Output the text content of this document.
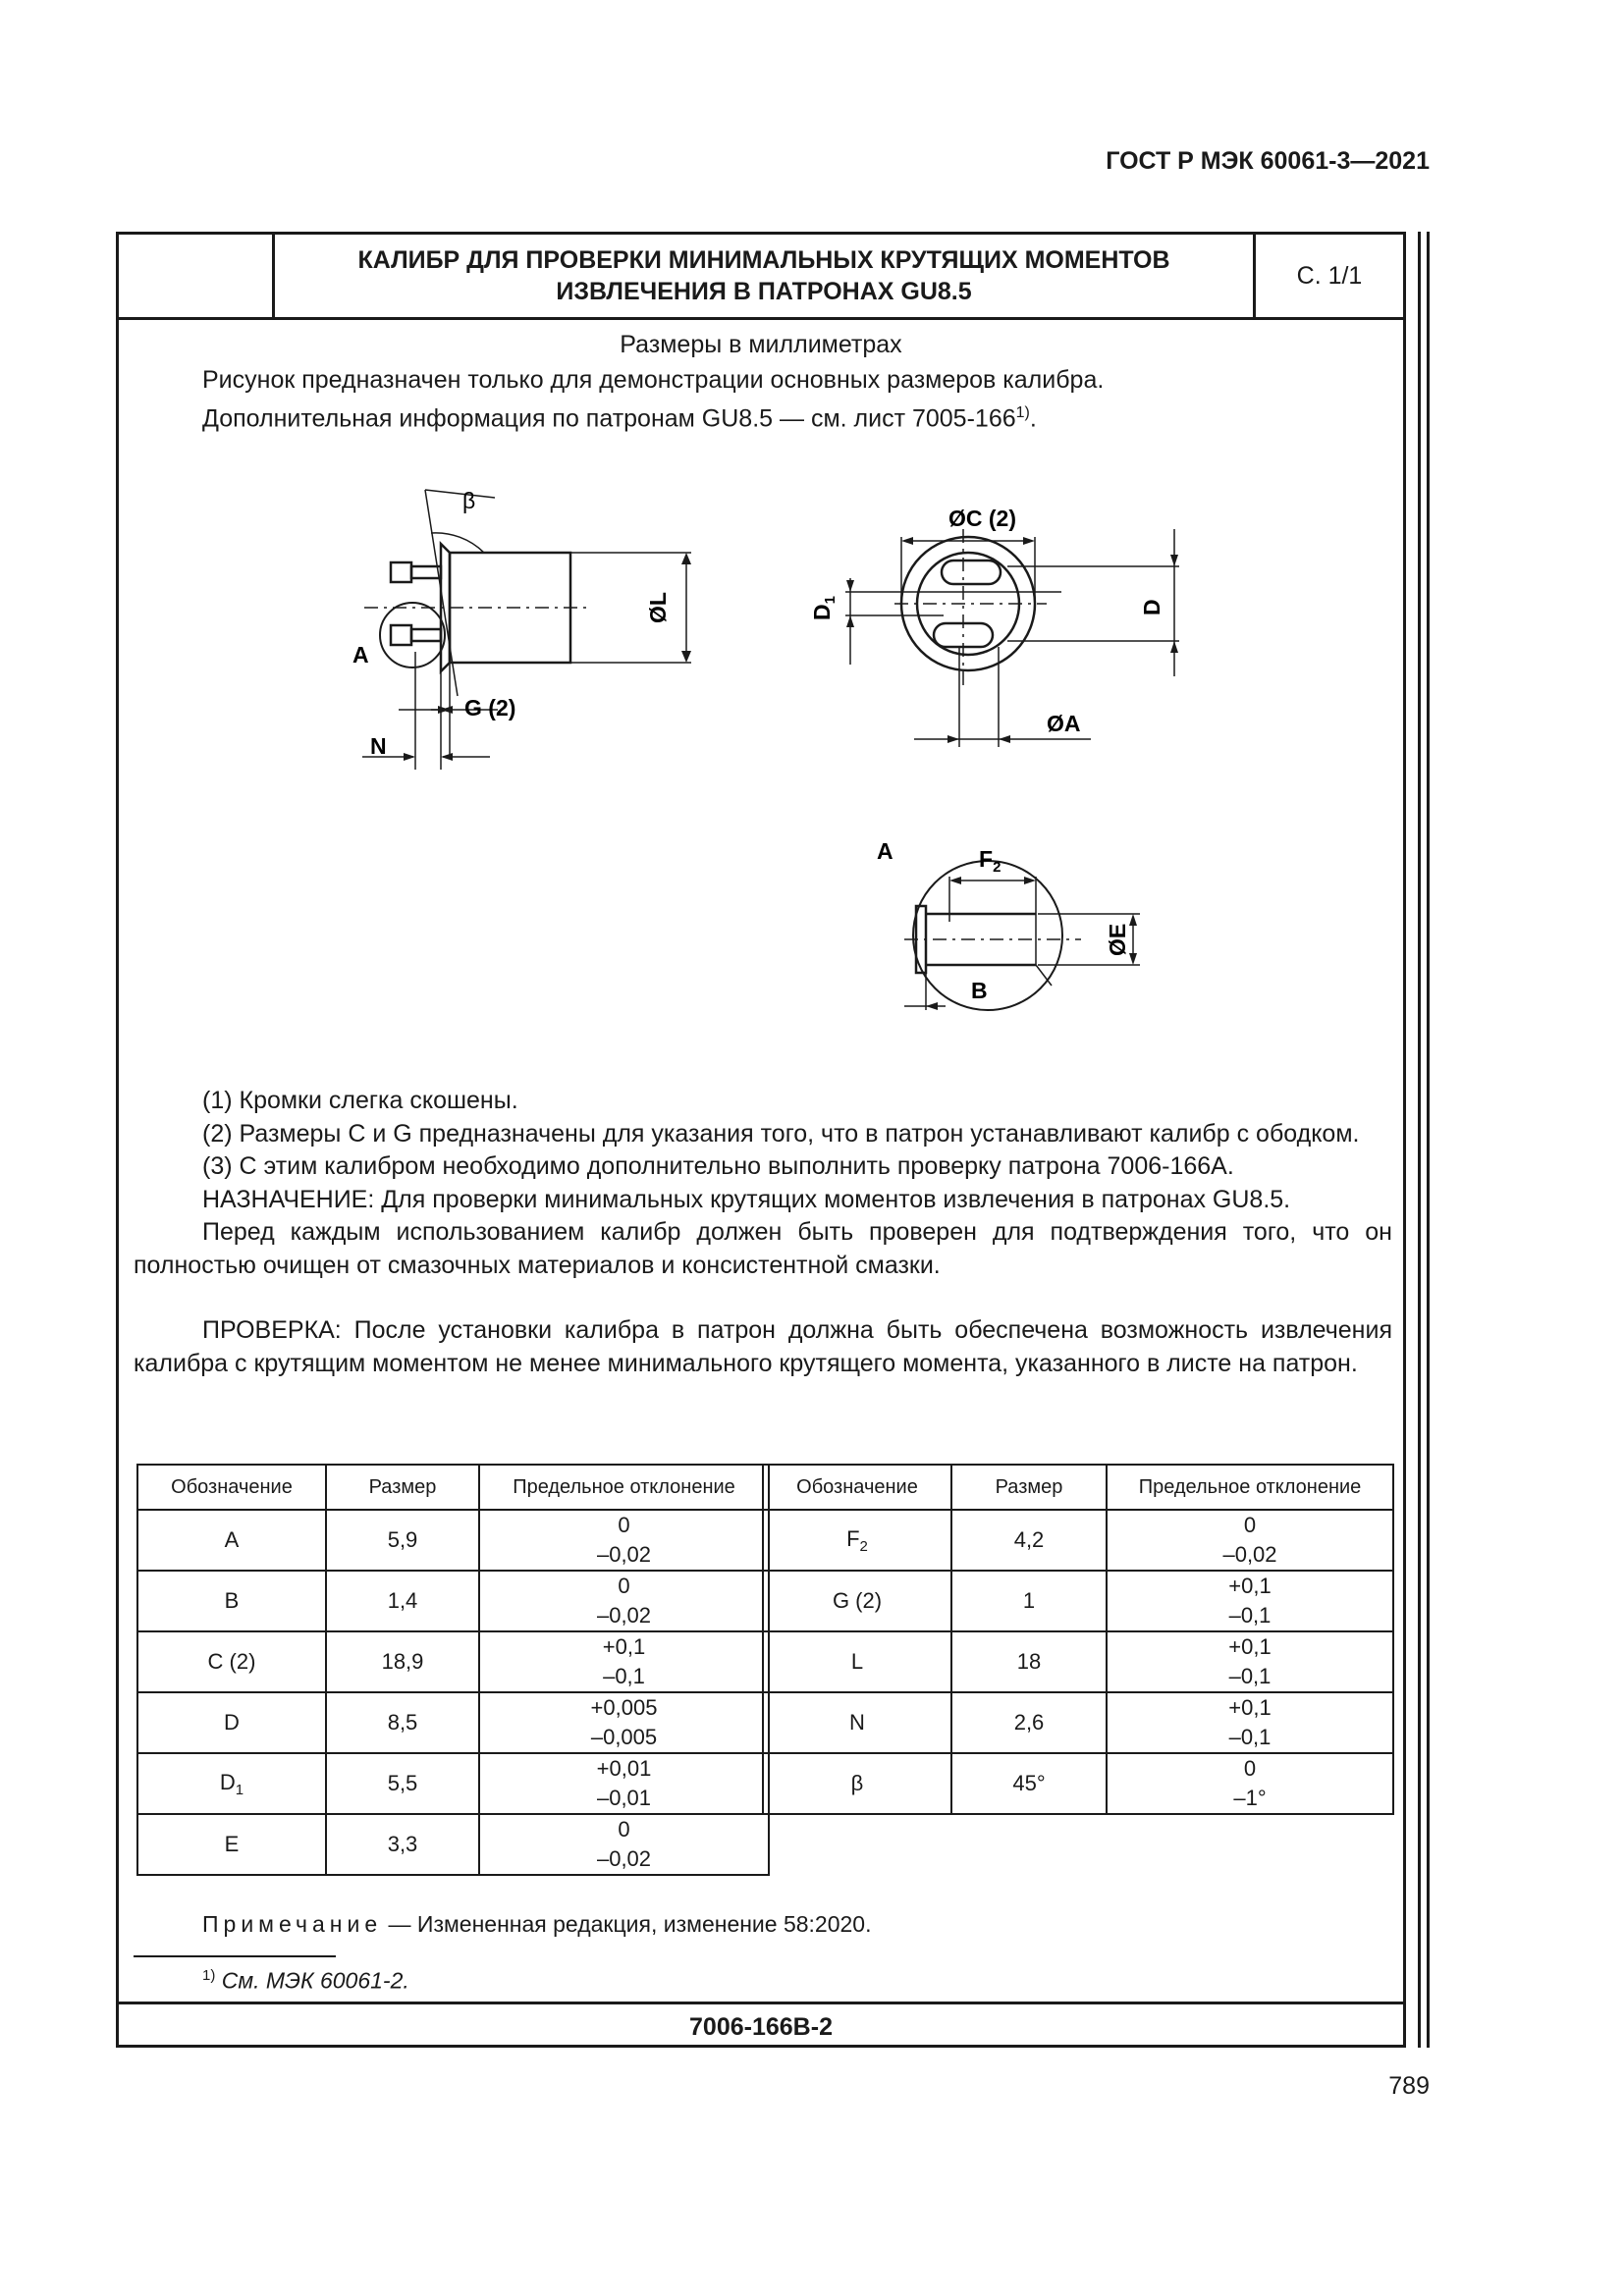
ГОСТ Р МЭК 60061-3—2021
КАЛИБР ДЛЯ ПРОВЕРКИ МИНИМАЛЬНЫХ КРУТЯЩИХ МОМЕНТОВ
ИЗВЛЕЧЕНИЯ В ПАТРОНАХ GU8.5
С. 1/1
Размеры в миллиметрах
Рисунок предназначен только для демонстрации основных размеров калибра.
Дополнительная информация по патронам GU8.5 — см. лист 7005-166$^{1)}$.
β
A
G (2)
N
ØL
ØC (2)
$D_1$	D
ØA
A	$F_2$
ØE
B

(1) Кромки слегка скошены.

(2) Размеры C и G предназначены для указания того, что в патрон устанавливают калибр с ободком.

(3) С этим калибром необходимо дополнительно выполнить проверку патрона 7006-166A.

НАЗНАЧЕНИЕ: Для проверки минимальных крутящих моментов извлечения в патронах GU8.5.

Перед каждым использованием калибр должен быть проверен для подтверждения того, что он полностью очищен от смазочных материалов и консистентной смазки.

ПРОВЕРКА: После установки калибра в патрон должна быть обеспечена возможность извлечения калибра с крутящим моментом не менее минимального крутящего момента, указанного в листе на патрон.

Обозначение	Размер	Предельное отклонение
A	5,9	0
–0,02

B	1,4	0
–0,02

C (2)	18,9	+0,1
–0,1

D	8,5	+0,005
–0,005

$D_1$	5,5	+0,01
–0,01

E	3,3	0
–0,02
Обозначение	Размер	Предельное отклонение
$F_2$	4,2	0
–0,02

G (2)	1	+0,1
–0,1

L	18	+0,1
–0,1

N	2,6	+0,1
–0,1

β	45°	0
–1°
Примечание — Измененная редакция, изменение 58:2020.
$^{1)}$ См. МЭК 60061-2.
7006-166B-2
789
